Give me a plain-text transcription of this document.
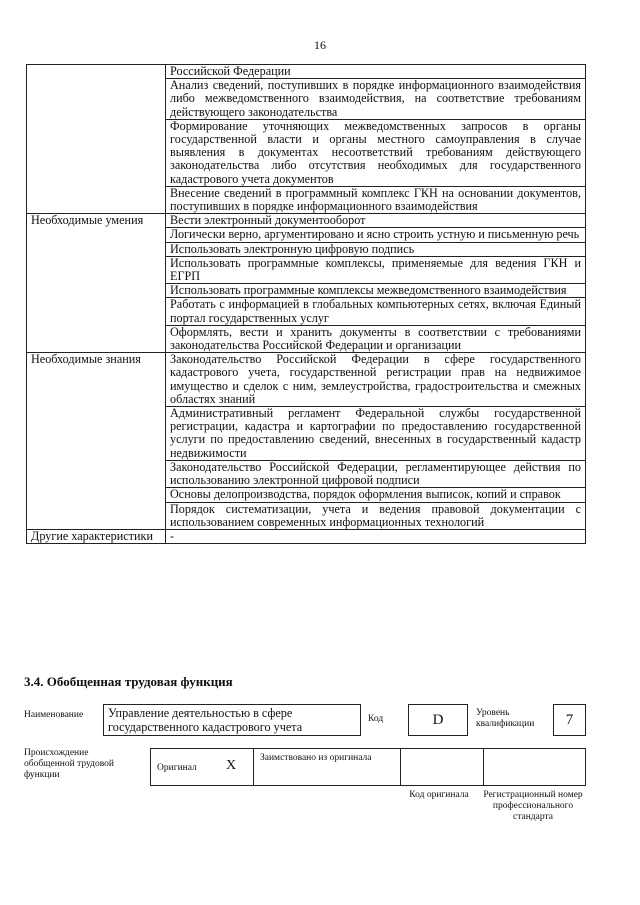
16
	Российской Федерации

	Анализ сведений, поступивших в порядке информационного взаимодействия либо межведомственного взаимодействия, на соответствие требованиям действующего законодательства

	Формирование уточняющих межведомственных запросов в органы государственной власти и органы местного самоуправления в случае выявления в документах несоответствий требованиям действующего законодательства либо отсутствия необходимых для государственного кадастрового учета документов

	Внесение сведений в программный комплекс ГКН на основании документов, поступивших в порядке информационного взаимодействия

Необходимые умения	Вести электронный документооборот

	Логически верно, аргументировано и ясно строить устную и письменную речь

	Использовать электронную цифровую подпись

	Использовать программные комплексы, применяемые для ведения ГКН и ЕГРП

	Использовать программные комплексы межведомственного взаимодействия

	Работать с информацией в глобальных компьютерных сетях, включая Единый портал государственных услуг

	Оформлять, вести и хранить документы в соответствии с требованиями законодательства Российской Федерации и организации

Необходимые знания	Законодательство Российской Федерации в сфере государственного кадастрового учета, государственной регистрации прав на недвижимое имущество и сделок с ним, землеустройства, градостроительства и смежных областях знаний

	Административный регламент Федеральной службы государственной регистрации, кадастра и картографии по предоставлению государственной услуги по предоставлению сведений, внесенных в государственный кадастр недвижимости

	Законодательство Российской Федерации, регламентирующее действия по использованию электронной цифровой подписи

	Основы делопроизводства, порядок оформления выписок, копий и справок

	Порядок систематизации, учета и ведения правовой документации с использованием современных информационных технологий

Другие характеристики	-
3.4. Обобщенная трудовая функция
Наименование	Управление деятельностью в сфере государственного кадастрового учета
Код	D	Уровень квалификации	7
Происхождение обобщенной трудовой функции
Оригинал X	Заимствовано из оригинала		
Код оригинала	Регистрационный номер профессионального стандарта
